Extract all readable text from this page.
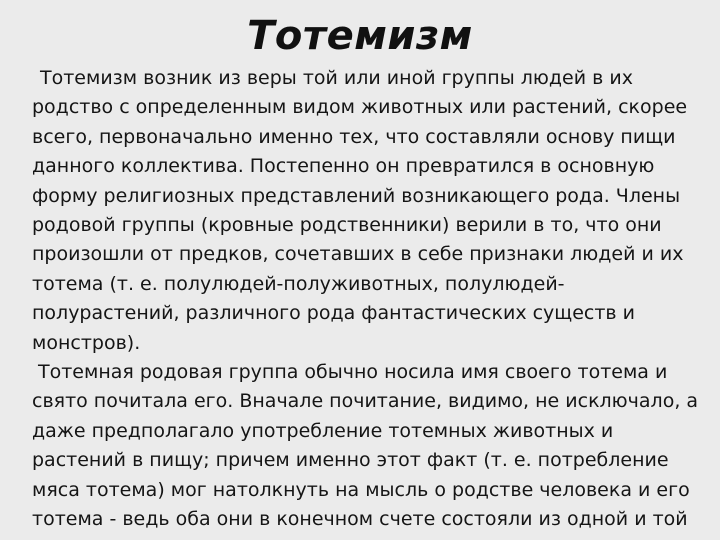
Тотемизм

Тотемизм возник из веры той или иной группы людей в их
родство с определенным видом животных или растений, скорее
всего, первоначально именно тех, что составляли основу пищи
данного коллектива. Постепенно он превратился в основную
форму религиозных представлений возникающего рода. Члены
родовой группы (кровные родственники) верили в то, что они
произошли от предков, сочетавших в себе признаки людей и их
тотема (т. е. полулюдей-полуживотных, полулюдей-
полурастений, различного рода фантастических существ и
монстров).

Тотемная родовая группа обычно носила имя своего тотема и
свято почитала его. Вначале почитание, видимо, не исключало, а
даже предполагало употребление тотемных животных и
растений в пищу; причем именно этот факт (т. е. потребление
мяса тотема) мог натолкнуть на мысль о родстве человека и его
тотема - ведь оба они в конечном счете состояли из одной и той
